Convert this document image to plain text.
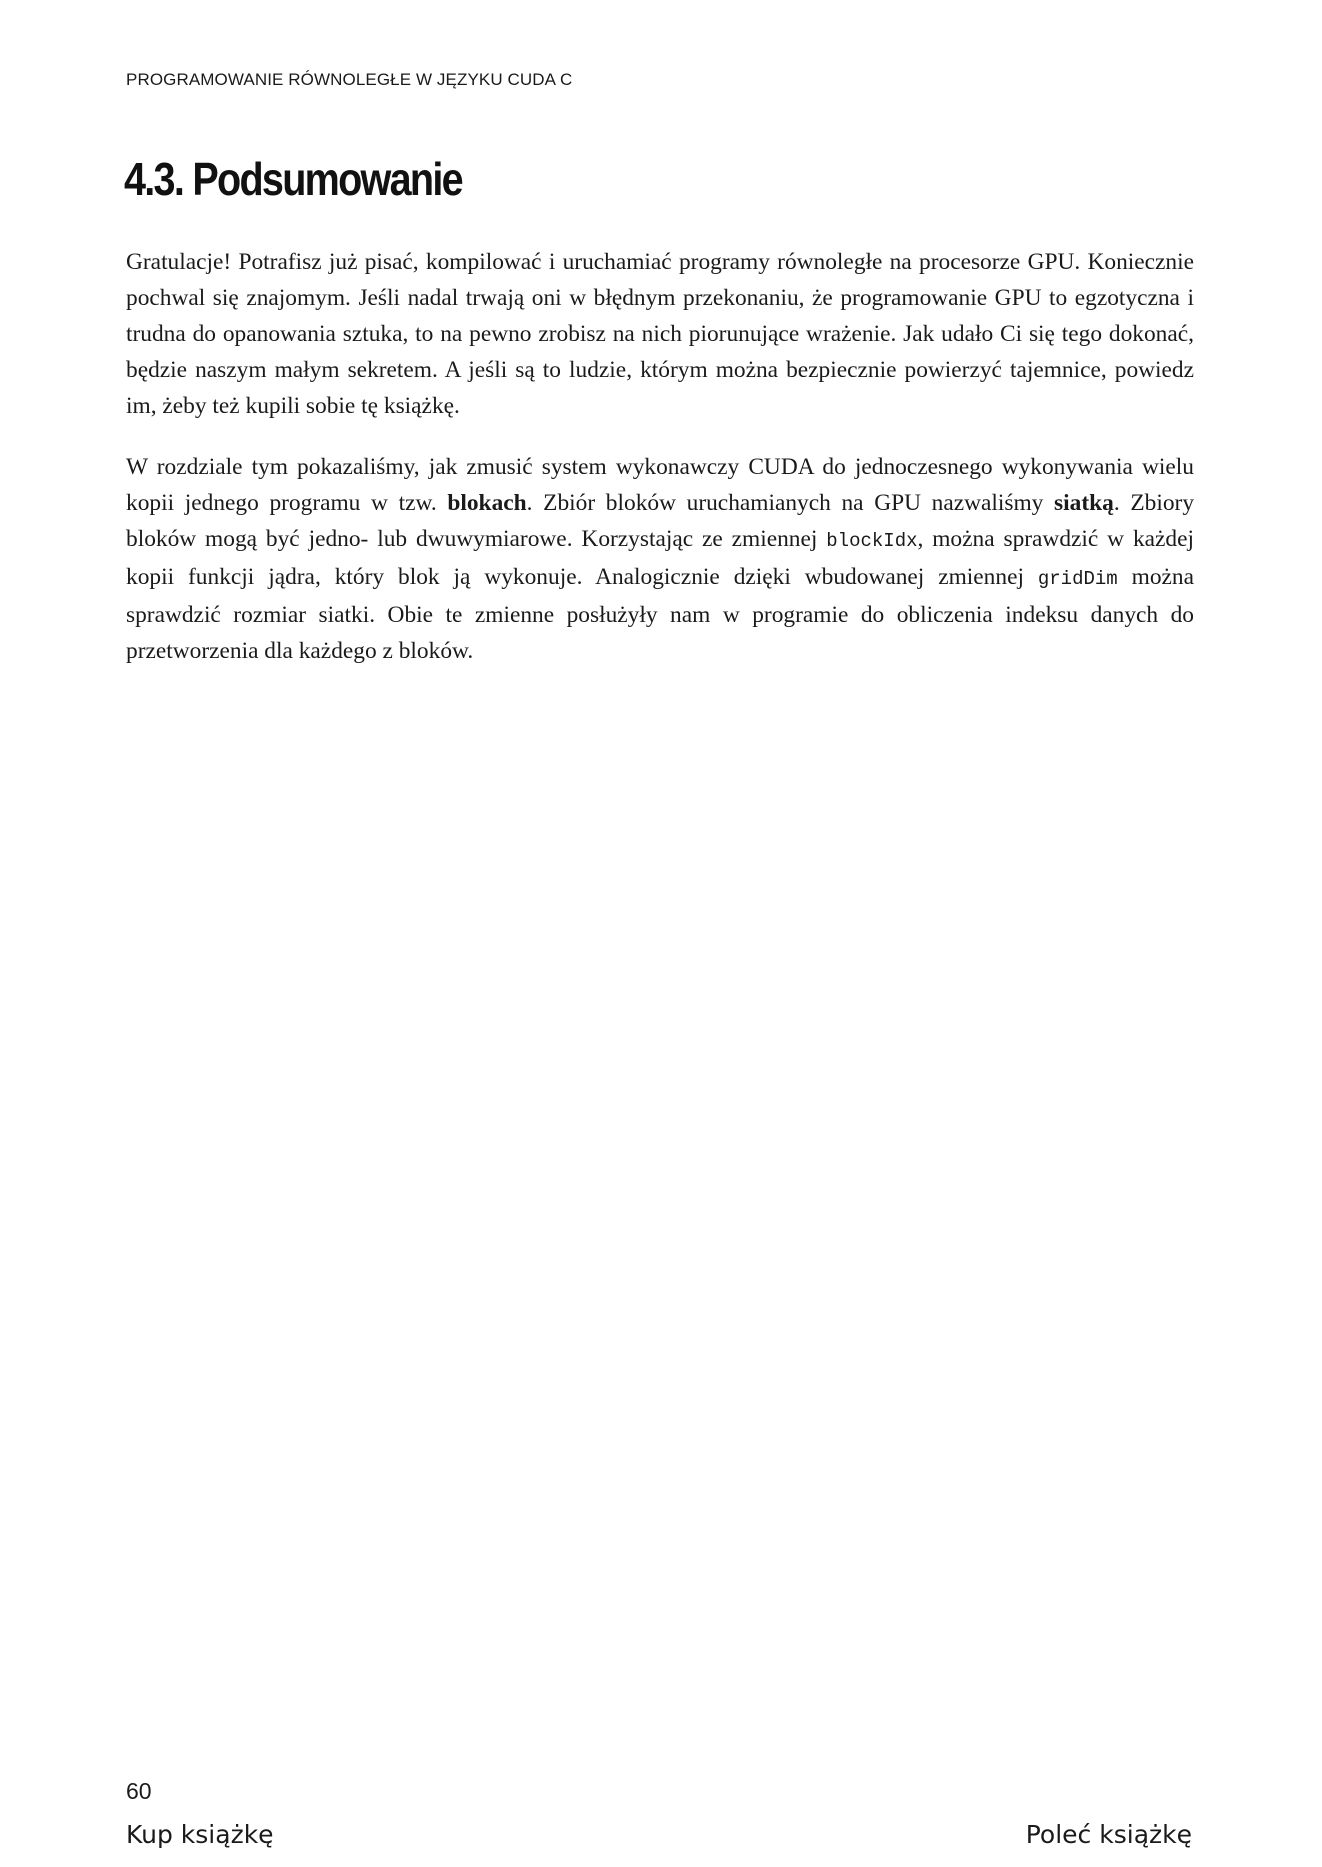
PROGRAMOWANIE RÓWNOLEGŁE W JĘZYKU CUDA C
4.3. Podsumowanie

Gratulacje! Potrafisz już pisać, kompilować i uruchamiać programy równoległe na procesorze GPU. Koniecznie pochwal się znajomym. Jeśli nadal trwają oni w błędnym przekonaniu, że programowanie GPU to egzotyczna i trudna do opanowania sztuka, to na pewno zrobisz na nich piorunujące wrażenie. Jak udało Ci się tego dokonać, będzie naszym małym sekretem. A jeśli są to ludzie, którym można bezpiecznie powierzyć tajemnice, powiedz im, żeby też kupili sobie tę książkę.

W rozdziale tym pokazaliśmy, jak zmusić system wykonawczy CUDA do jednoczesnego wykonywania wielu kopii jednego programu w tzw. blokach. Zbiór bloków uruchamianych na GPU nazwaliśmy siatką. Zbiory bloków mogą być jedno- lub dwuwymiarowe. Korzystając ze zmiennej blockIdx, można sprawdzić w każdej kopii funkcji jądra, który blok ją wykonuje. Analogicznie dzięki wbudowanej zmiennej gridDim można sprawdzić rozmiar siatki. Obie te zmienne posłużyły nam w programie do obliczenia indeksu danych do przetworzenia dla każdego z bloków.

60
Kup książkę	Poleć książkę
